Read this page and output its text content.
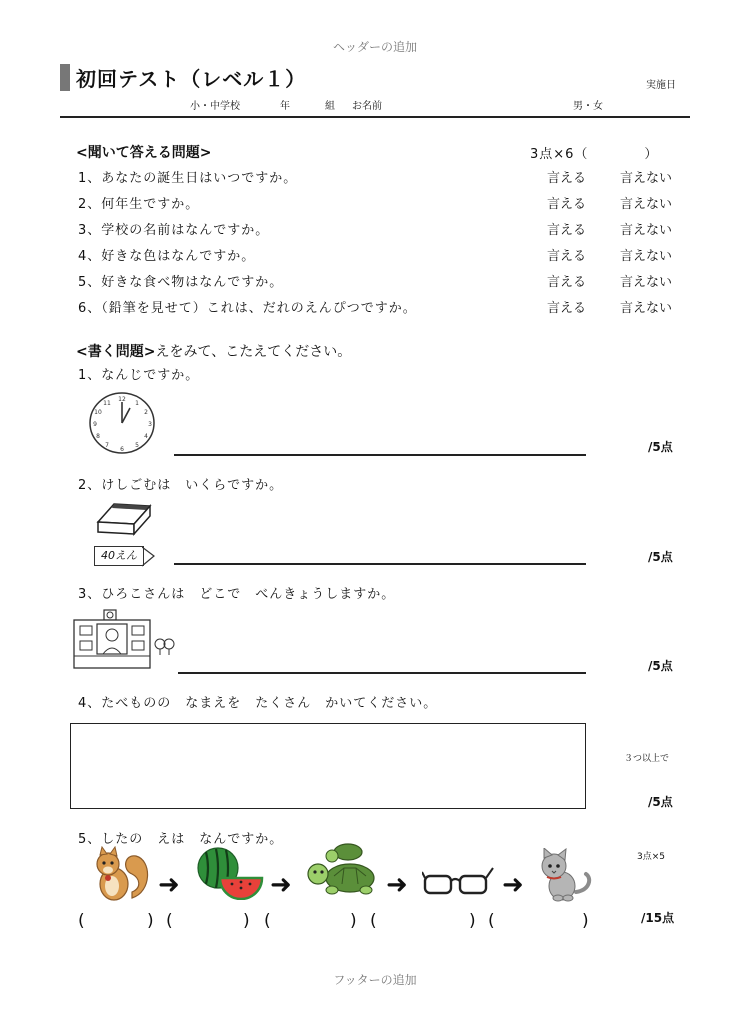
ヘッダーの追加
初回テスト（レベル１）	実施日
小・中学校	年	組 お名前	男・女
<聞いて答える問題>	3点×6（　　　　）
1、あなたの誕生日はいつですか。	言える	言えない
2、何年生ですか。	言える	言えない
3、学校の名前はなんですか。	言える	言えない
4、好きな色はなんですか。	言える	言えない
5、好きな食べ物はなんですか。	言える	言えない
6、（鉛筆を見せて）これは、だれのえんぴつですか。	言える	言えない
<書く問題>えをみて、こたえてください。
1、なんじですか。
12
1
2
3
4
5
6
7
8
9
10
11
/5点
2、けしごむは　いくらですか。
40えん	/5点
3、ひろこさんは　どこで　べんきょうしますか。
/5点
4、たべものの　なまえを　たくさん　かいてください。
３つ以上で
/5点
5、したの　えは　なんですか。
3点×5
➜	➜	➜	➜
(	) (	) (	) (	) (	)	/15点
フッターの追加
